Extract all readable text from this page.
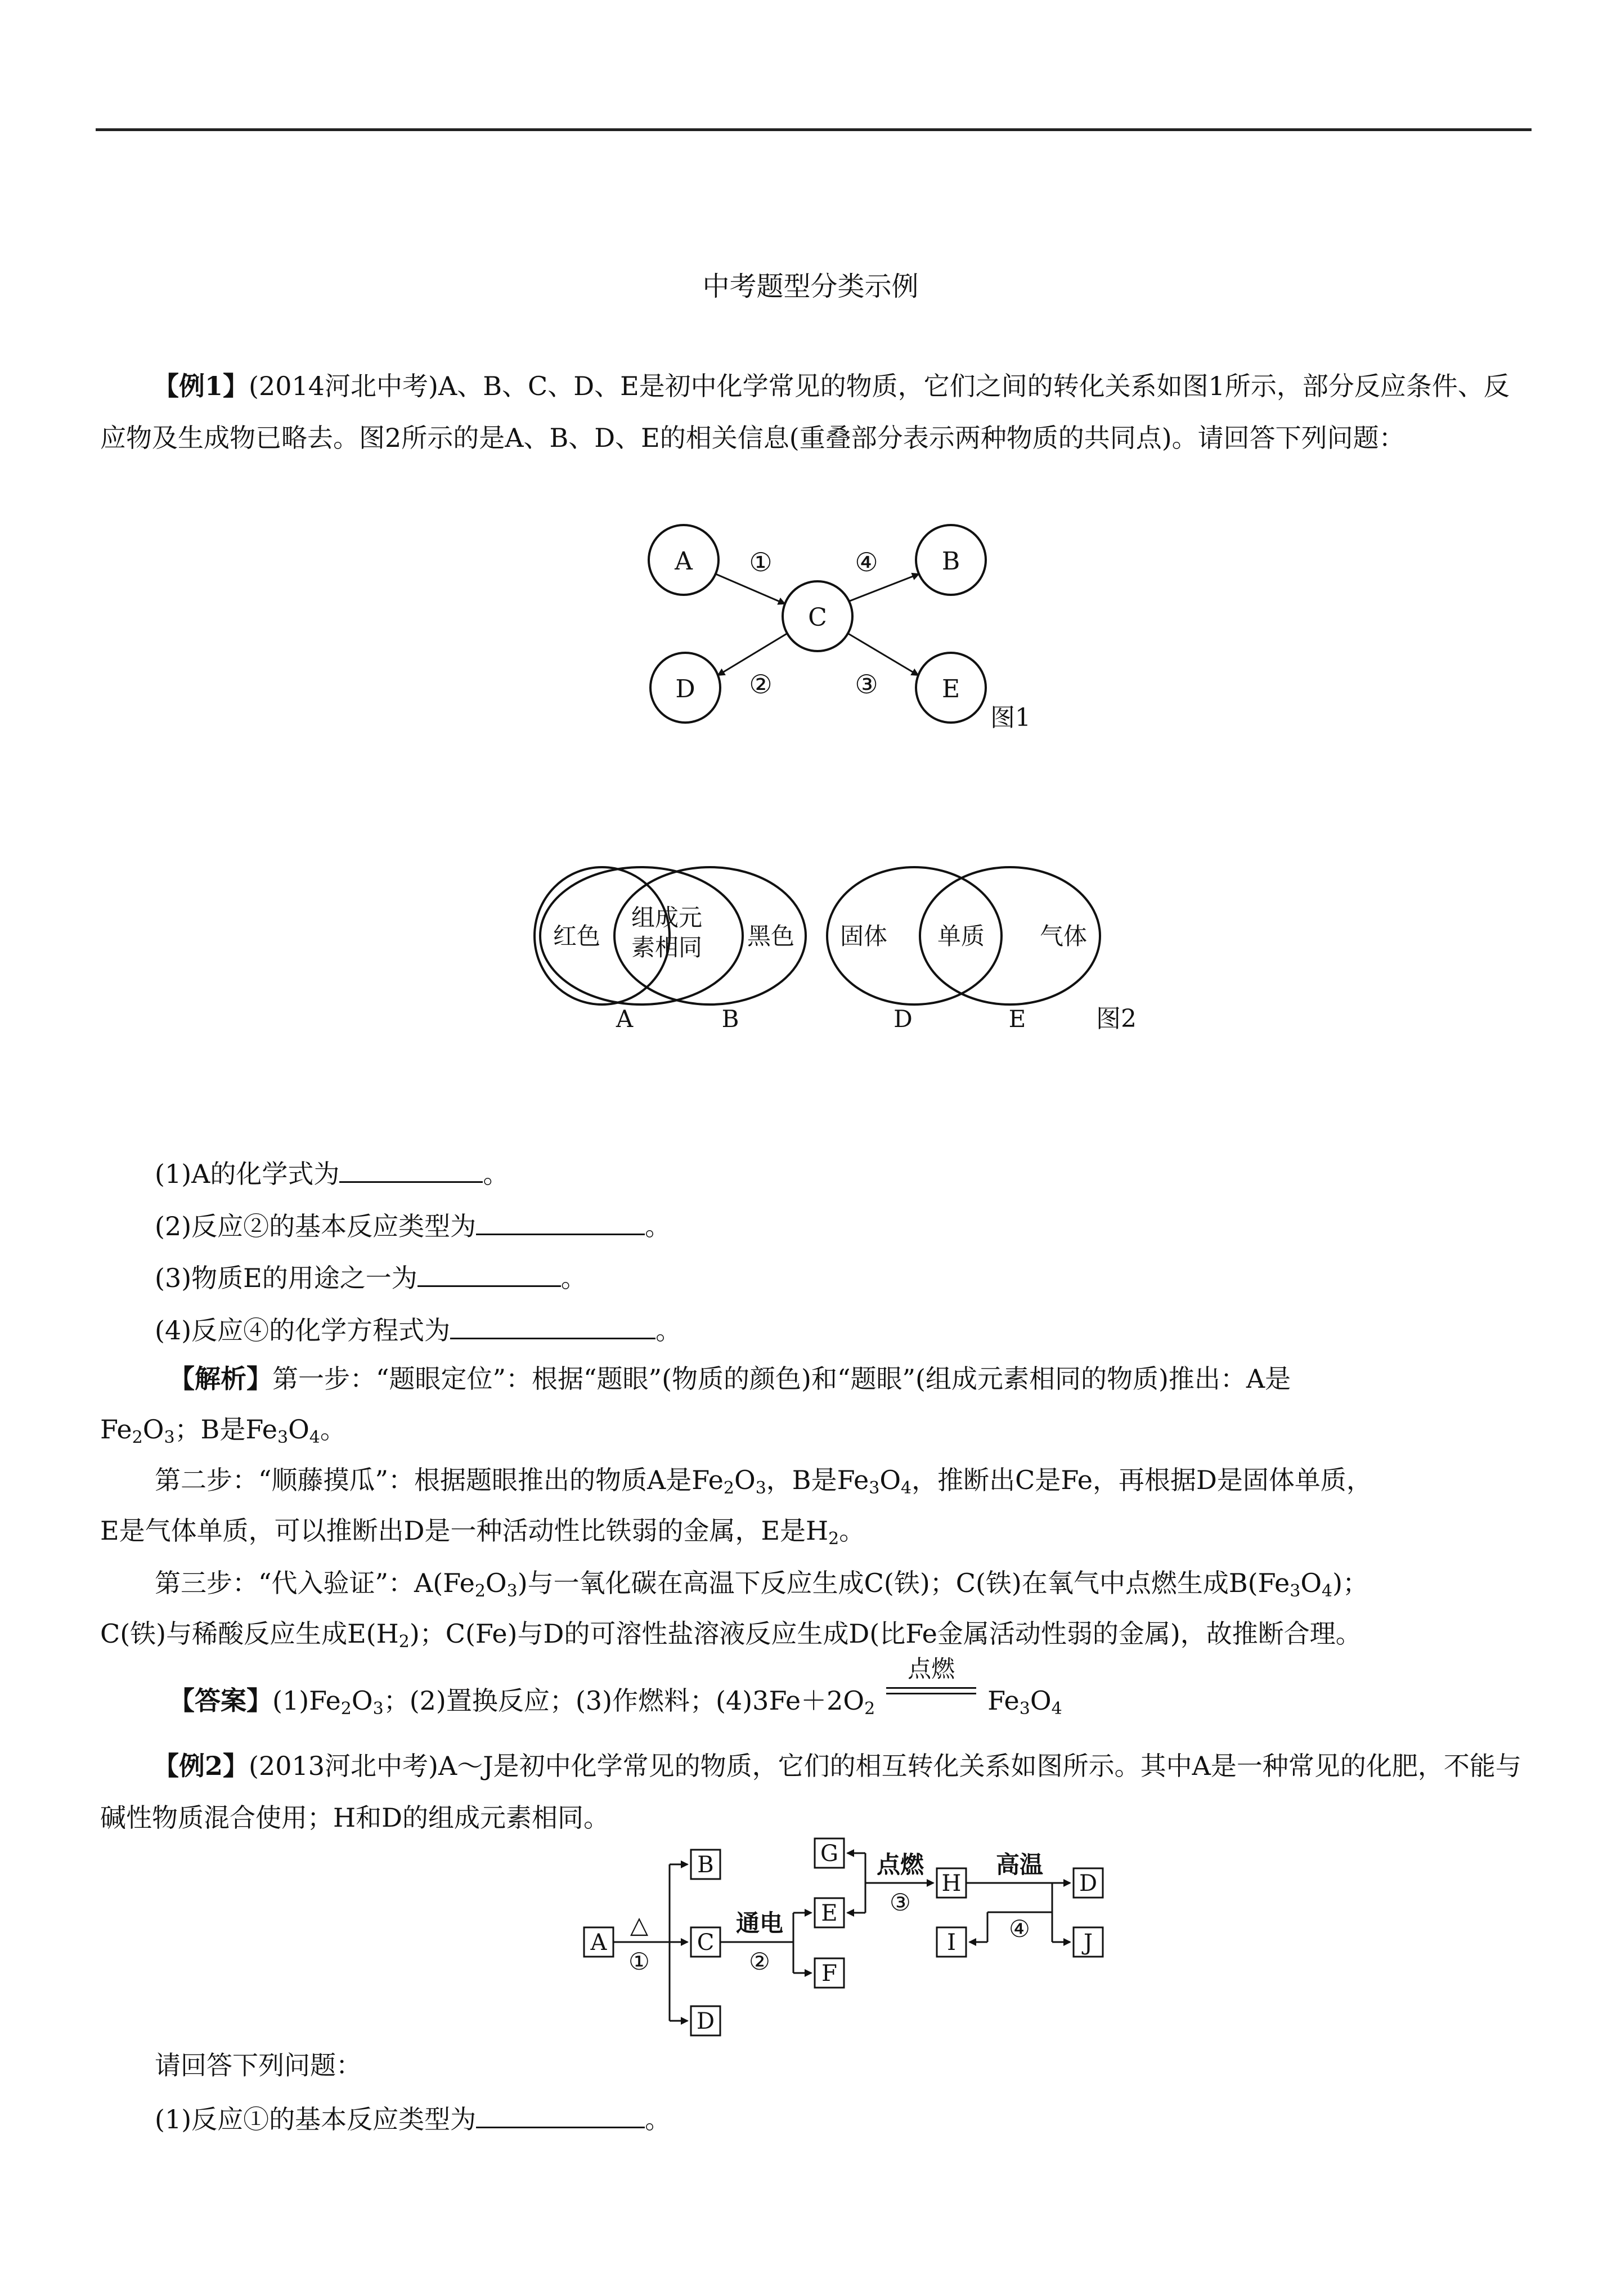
中考题型分类示例

【例1】(2014河北中考)A、B、C、D、E是初中化学常见的物质，它们之间的转化关系如图1所示，部分反应条件、反应物及生成物已略去。图2所示的是A、B、D、E的相关信息(重叠部分表示两种物质的共同点)。请回答下列问题：

A	B
C
D	E
①
②	③
④
图1
红色
组成元
素相同 黑色 固体 单质 气体
A	B	D	E	图2
A
B
C
D
E
F
G
H
I
D
J
△
①
通电
②
点燃
③
高温
④
(1)A的化学式为	。
(2)反应②的基本反应类型为	。
(3)物质E的用途之一为	。
(4)反应④的化学方程式为	。
【解析】第一步：“题眼定位”：根据“题眼”(物质的颜色)和“题眼”(组成元素相同的物质)推出：A是
$Fe_2O_3$；B是$Fe_3O_4$。
第二步：“顺藤摸瓜”：根据题眼推出的物质A是$Fe_2O_3$，B是$Fe_3O_4$，推断出C是Fe，再根据D是固体单质，
E是气体单质，可以推断出D是一种活动性比铁弱的金属，E是$H_2$。
第三步：“代入验证”：$A(Fe_2O_3)$与一氧化碳在高温下反应生成C(铁)；C(铁)在氧气中点燃生成$B(Fe_3O_4)$；
C(铁)与稀酸反应生成$E(H_2)$；C(Fe)与D的可溶性盐溶液反应生成D(比Fe金属活动性弱的金属)，故推断合理。
【答案】$(1)Fe_2O_3$；(2)置换反应；(3)作燃料；$(4)3Fe+2O_2$
点燃
$Fe_3O_4$

【例2】(2013河北中考)A～J是初中化学常见的物质，它们的相互转化关系如图所示。其中A是一种常见的化肥，不能与碱性物质混合使用；H和D的组成元素相同。

请回答下列问题：
(1)反应①的基本反应类型为	。
